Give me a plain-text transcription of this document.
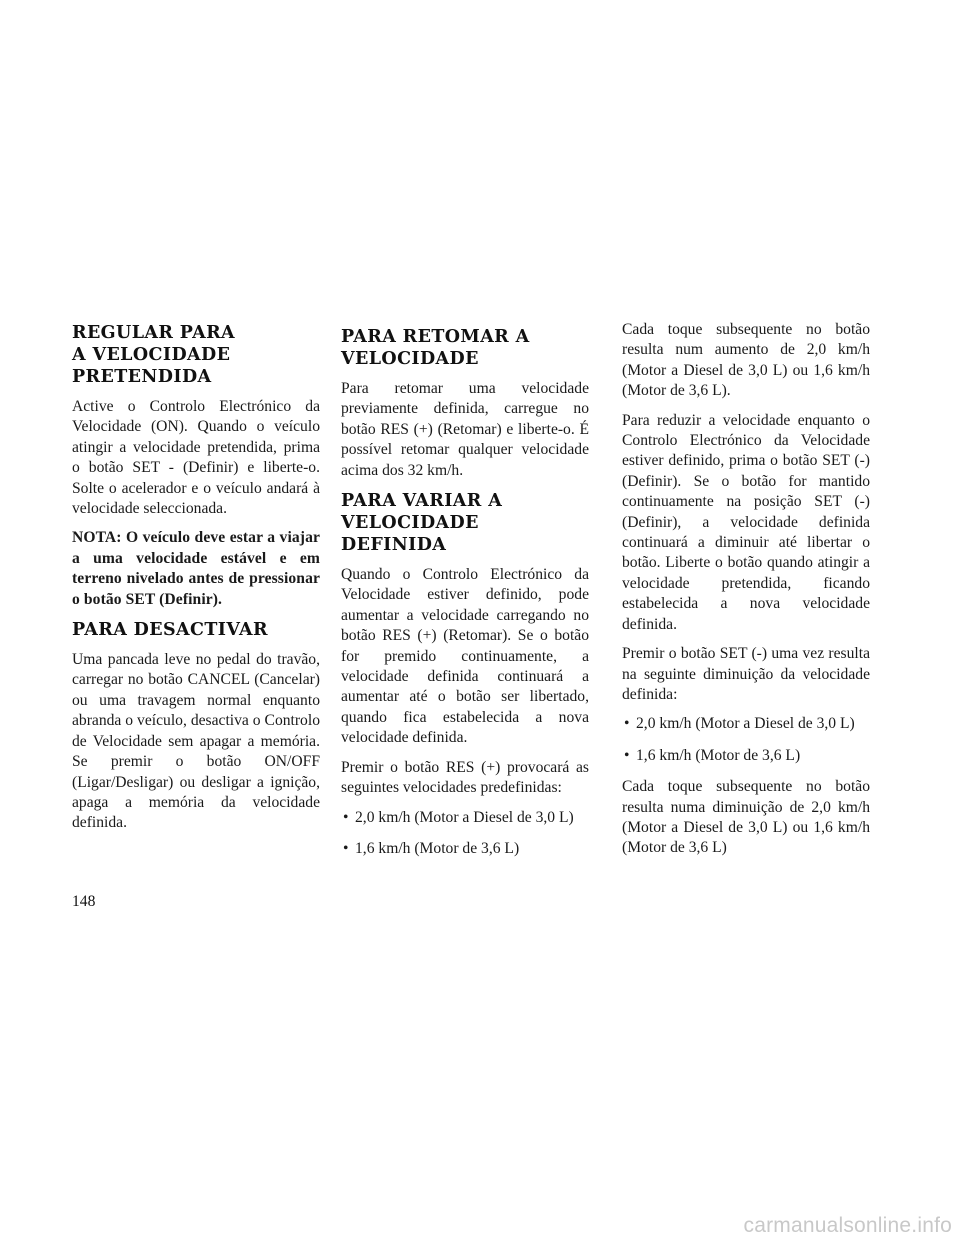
REGULAR PARA A VELOCIDADE PRETENDIDA

Active o Controlo Electrónico da Velocidade (ON). Quando o veículo atingir a velocidade pretendida, prima o botão SET - (Definir) e liberte-o. Solte o acelerador e o veículo andará à velocidade seleccionada.

NOTA: O veículo deve estar a viajar a uma velocidade estável e em terreno nivelado antes de pressionar o botão SET (Definir).

PARA DESACTIVAR

Uma pancada leve no pedal do travão, carregar no botão CANCEL (Cancelar) ou uma travagem normal enquanto abranda o veículo, desactiva o Controlo de Velocidade sem apagar a memória. Se premir o botão ON/OFF (Ligar/Desligar) ou desligar a ignição, apaga a memória da velocidade definida.

PARA RETOMAR A VELOCIDADE

Para retomar uma velocidade previamente definida, carregue no botão RES (+) (Retomar) e liberte-o. É possível retomar qualquer velocidade acima dos 32 km/h.

PARA VARIAR A VELOCIDADE DEFINIDA

Quando o Controlo Electrónico da Velocidade estiver definido, pode aumentar a velocidade carregando no botão RES (+) (Retomar). Se o botão for premido continuamente, a velocidade definida continuará a aumentar até o botão ser libertado, quando fica estabelecida a nova velocidade definida.

Premir o botão RES (+) provocará as seguintes velocidades predefinidas:

• 2,0 km/h (Motor a Diesel de 3,0 L)
• 1,6 km/h (Motor de 3,6 L)

Cada toque subsequente no botão resulta num aumento de 2,0 km/h (Motor a Diesel de 3,0 L) ou 1,6 km/h (Motor de 3,6 L).

Para reduzir a velocidade enquanto o Controlo Electrónico da Velocidade estiver definido, prima o botão SET (-) (Definir). Se o botão for mantido continuamente na posição SET (-) (Definir), a velocidade definida continuará a diminuir até libertar o botão. Liberte o botão quando atingir a velocidade pretendida, ficando estabelecida a nova velocidade definida.

Premir o botão SET (-) uma vez resulta na seguinte diminuição da velocidade definida:

• 2,0 km/h (Motor a Diesel de 3,0 L)
• 1,6 km/h (Motor de 3,6 L)

Cada toque subsequente no botão resulta numa diminuição de 2,0 km/h (Motor a Diesel de 3,0 L) ou 1,6 km/h (Motor de 3,6 L)

148
carmanualsonline.info
